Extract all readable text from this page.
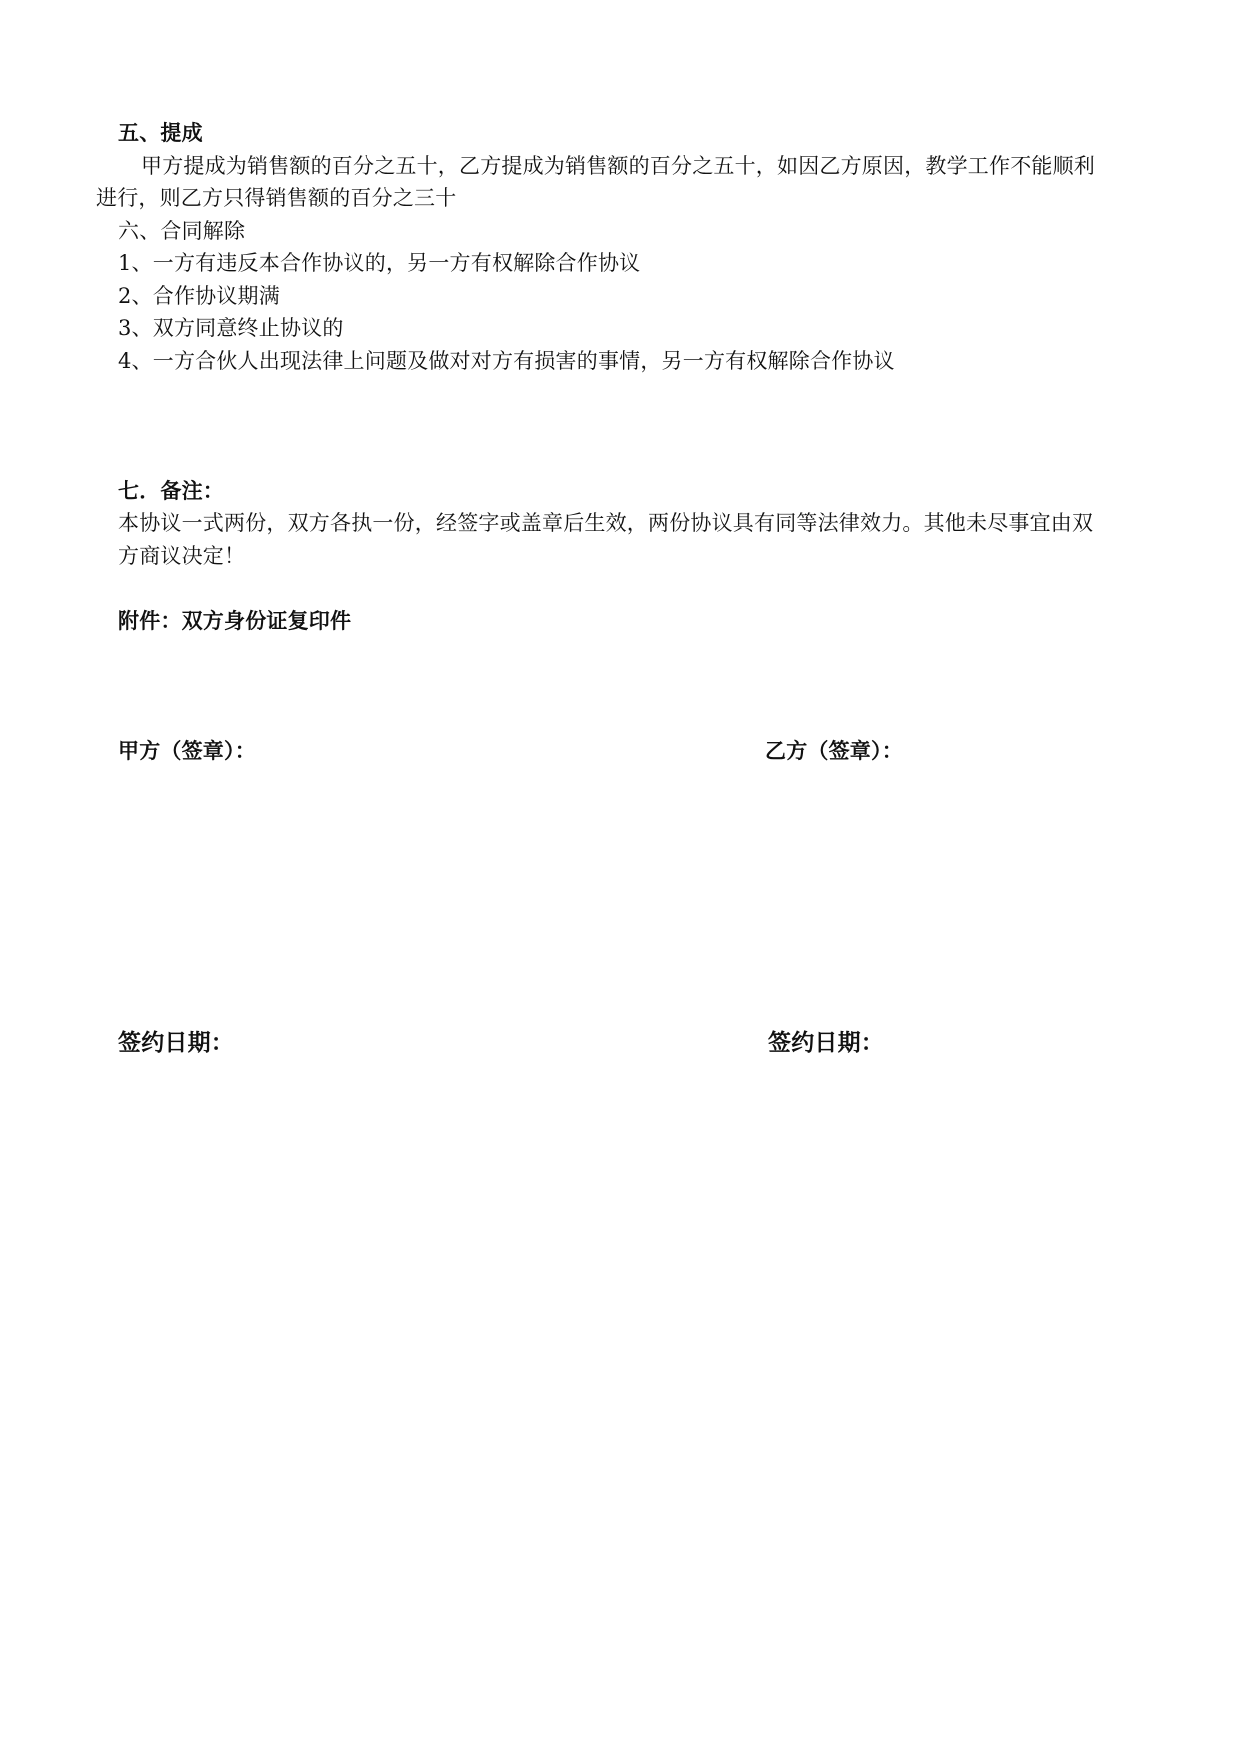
五、提成
甲方提成为销售额的百分之五十，乙方提成为销售额的百分之五十，如因乙方原因，教学工作不能顺利
进行，则乙方只得销售额的百分之三十
六、合同解除
1、一方有违反本合作协议的，另一方有权解除合作协议
2、合作协议期满
3、双方同意终止协议的
4、一方合伙人出现法律上问题及做对对方有损害的事情，另一方有权解除合作协议
七．备注：
本协议一式两份，双方各执一份，经签字或盖章后生效，两份协议具有同等法律效力。其他未尽事宜由双
方商议决定！
附件：双方身份证复印件
甲方（签章）：	乙方（签章）：
签约日期：	签约日期：
